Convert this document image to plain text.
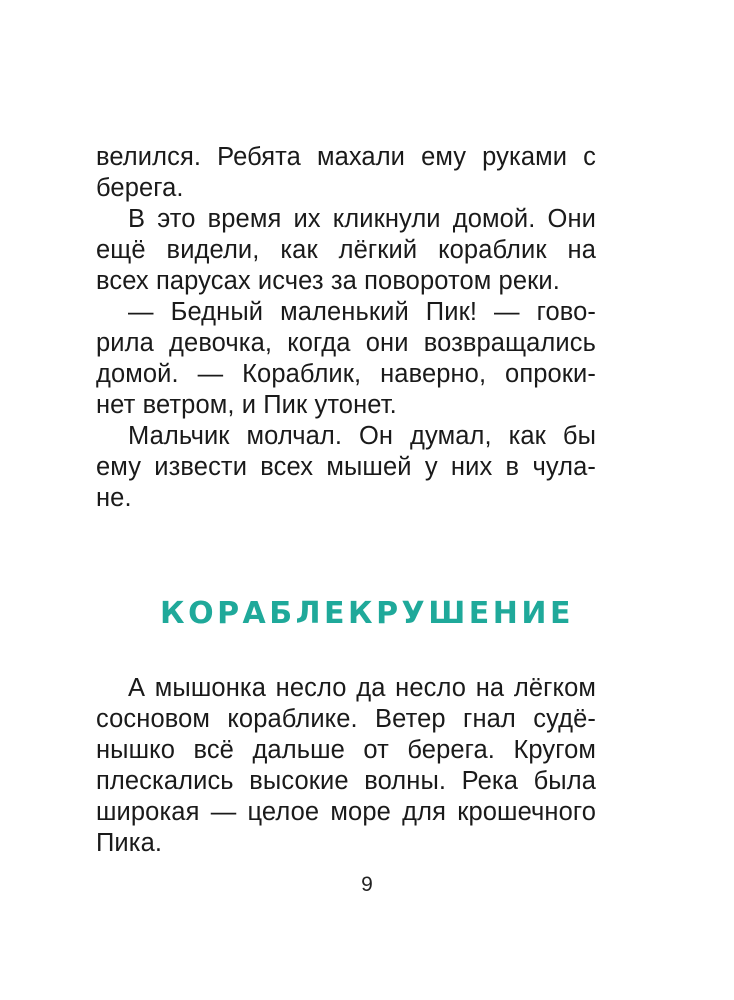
велился. Ребята махали ему руками с
берега.
В это время их кликнули домой. Они
ещё видели, как лёгкий кораблик на
всех парусах исчез за поворотом реки.
— Бедный маленький Пик! — гово-
рила девочка, когда они возвращались
домой. — Кораблик, наверно, опроки-
нет ветром, и Пик утонет.
Мальчик молчал. Он думал, как бы
ему извести всех мышей у них в чула-
не.
КОРАБЛЕКРУШЕНИЕ
А мышонка несло да несло на лёгком
сосновом кораблике. Ветер гнал судё-
нышко всё дальше от берега. Кругом
плескались высокие волны. Река была
широкая — целое море для крошечного
Пика.
9
